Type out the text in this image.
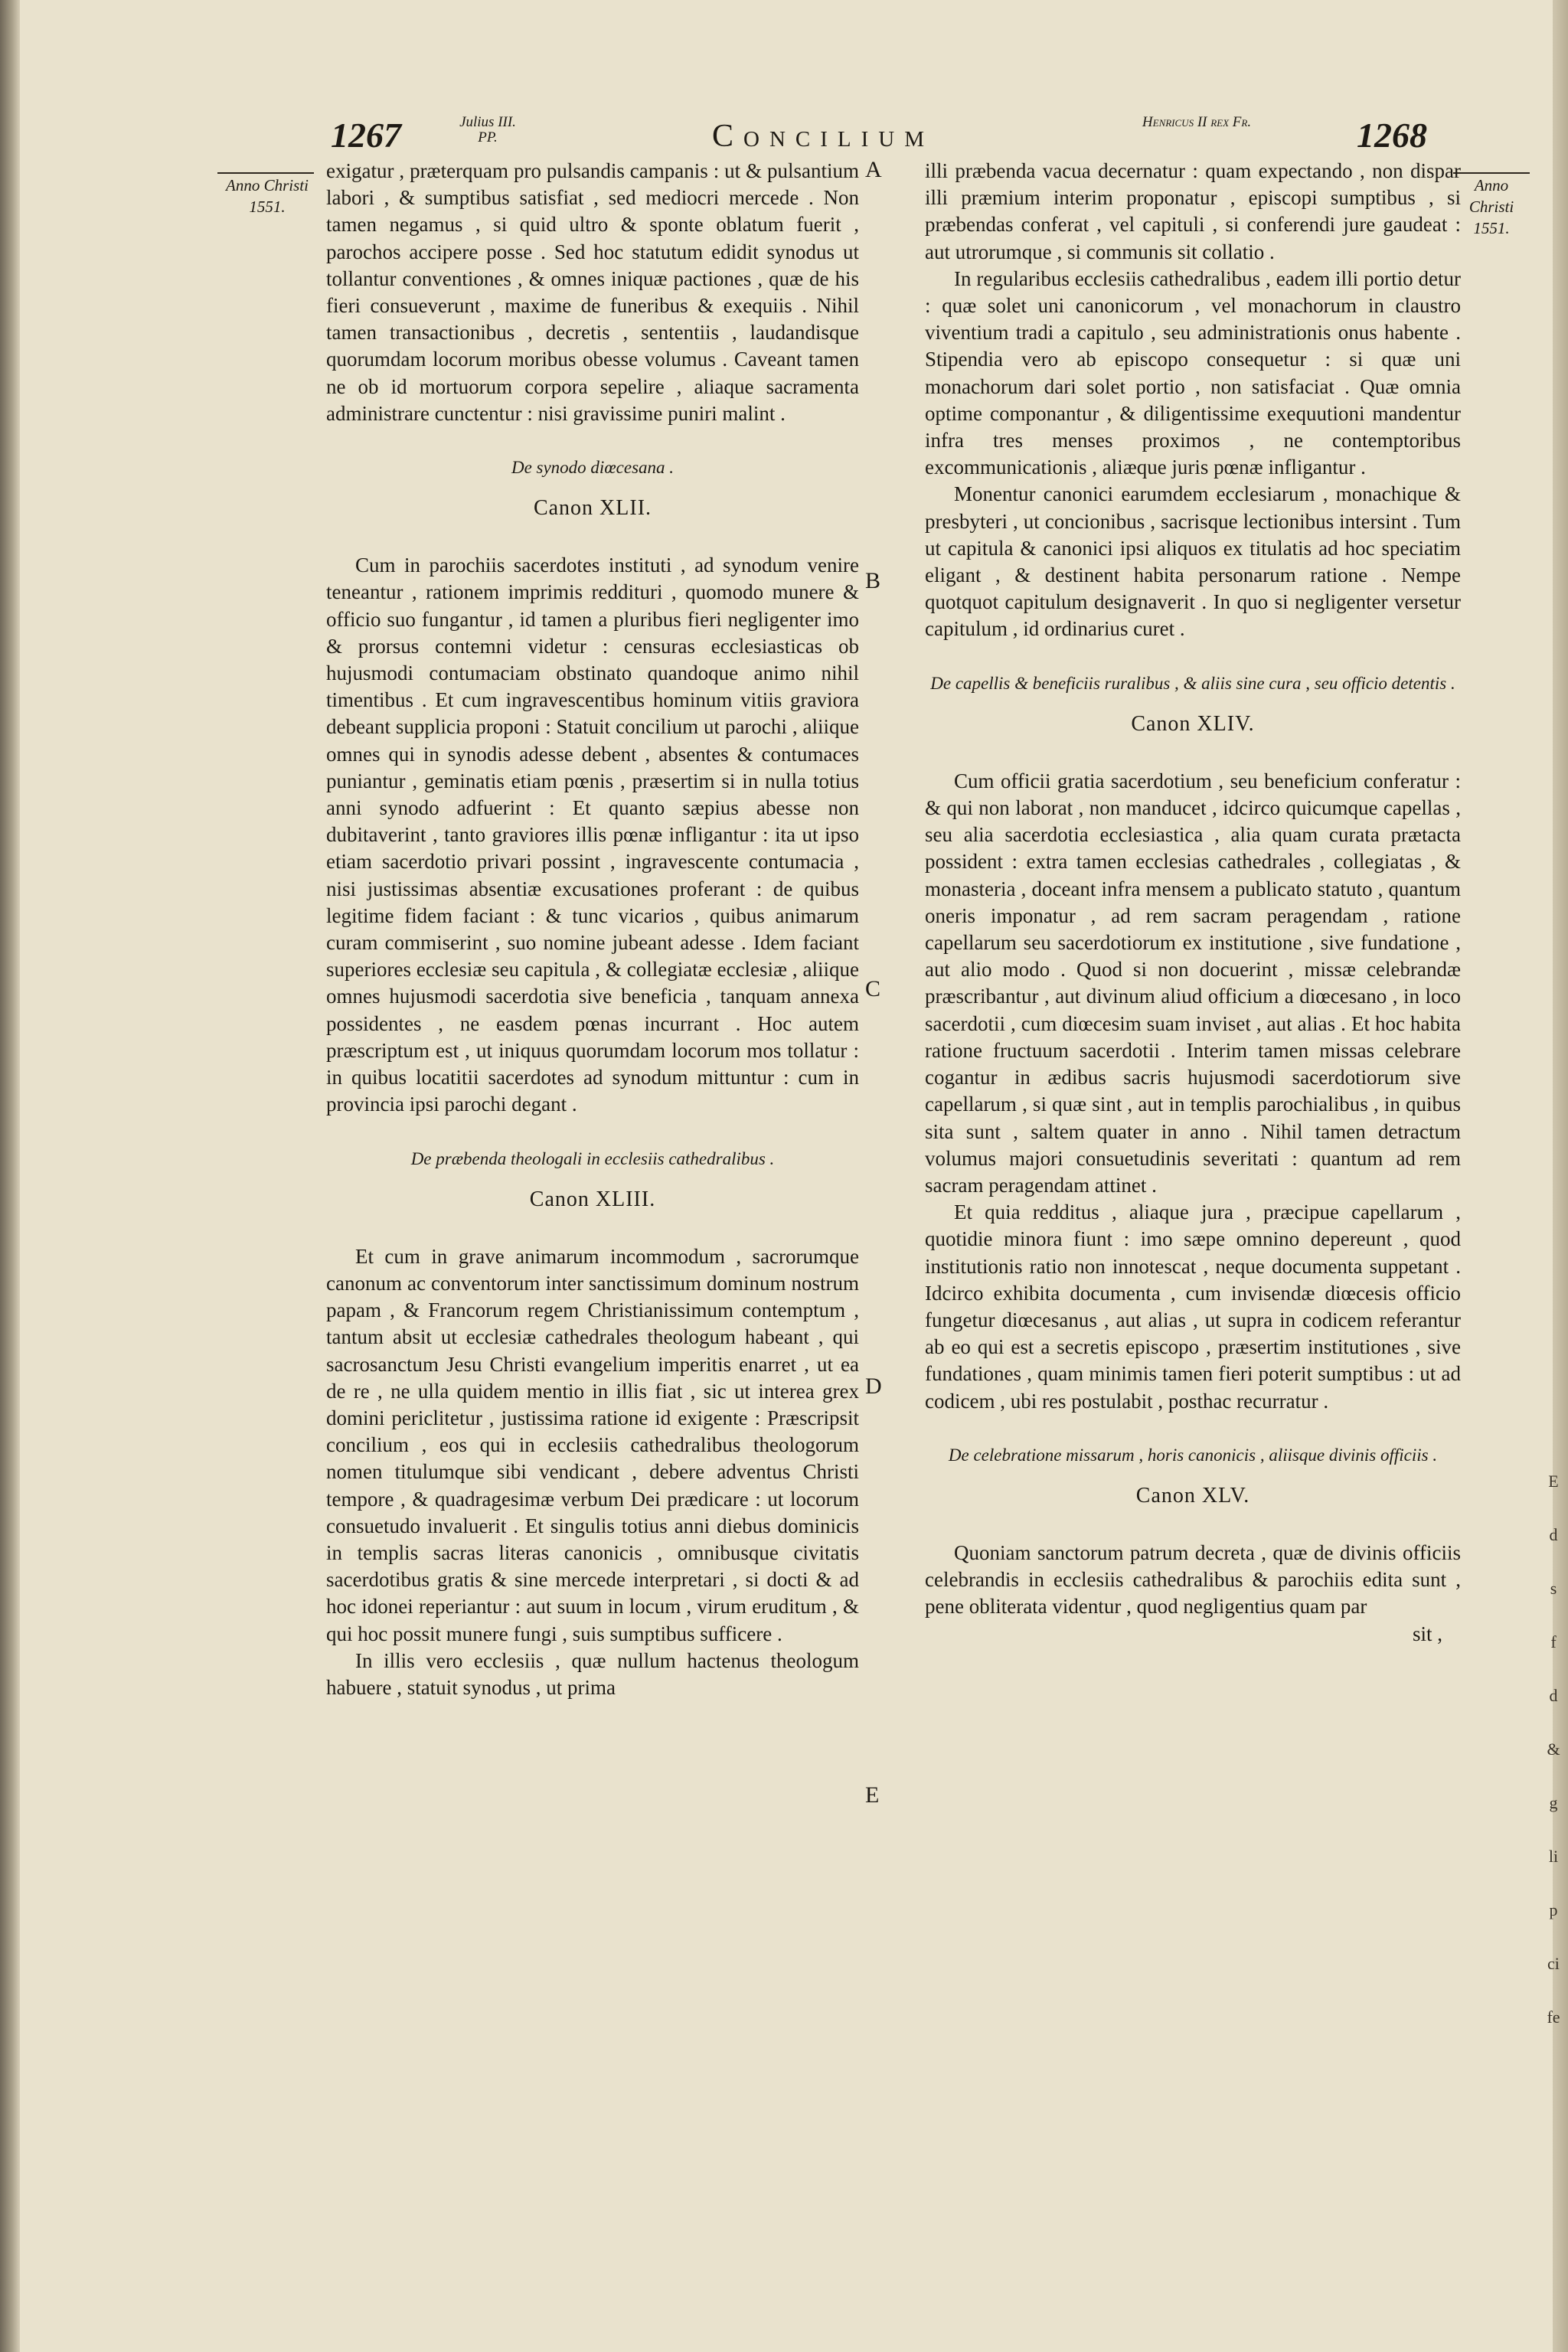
1267	Julius III. PP.	Concilium	Henricus II rex Fr.	1268
Anno Christi 1551.
Anno Christi 1551.
A
B
C
D
E

exigatur , præterquam pro pulsandis campanis : ut & pulsantium labori , & sumptibus satisfiat , sed mediocri mercede . Non tamen negamus , si quid ultro & sponte oblatum fuerit , parochos accipere posse . Sed hoc statutum edidit synodus ut tollantur conventiones , & omnes iniquæ pactiones , quæ de his fieri consueverunt , maxime de funeribus & exequiis . Nihil tamen transactionibus , decretis , sententiis , laudandisque quorumdam locorum moribus obesse volumus . Caveant tamen ne ob id mortuorum corpora sepelire , aliaque sacramenta administrare cunctentur : nisi gravissime puniri malint .

De synodo diœcesana .
Canon XLII.

Cum in parochiis sacerdotes instituti , ad synodum venire teneantur , rationem imprimis reddituri , quomodo munere & officio suo fungantur , id tamen a pluribus fieri negligenter imo & prorsus contemni videtur : censuras ecclesiasticas ob hujusmodi contumaciam obstinato quandoque animo nihil timentibus . Et cum ingravescentibus hominum vitiis graviora debeant supplicia proponi : Statuit concilium ut parochi , aliique omnes qui in synodis adesse debent , absentes & contumaces puniantur , geminatis etiam pœnis , præsertim si in nulla totius anni synodo adfuerint : Et quanto sæpius abesse non dubitaverint , tanto graviores illis pœnæ infligantur : ita ut ipso etiam sacerdotio privari possint , ingravescente contumacia , nisi justissimas absentiæ excusationes proferant : de quibus legitime fidem faciant : & tunc vicarios , quibus animarum curam commiserint , suo nomine jubeant adesse . Idem faciant superiores ecclesiæ seu capitula , & collegiatæ ecclesiæ , aliique omnes hujusmodi sacerdotia sive beneficia , tanquam annexa possidentes , ne easdem pœnas incurrant . Hoc autem præscriptum est , ut iniquus quorumdam locorum mos tollatur : in quibus locatitii sacerdotes ad synodum mittuntur : cum in provincia ipsi parochi degant .

De præbenda theologali in ecclesiis cathedralibus .
Canon XLIII.

Et cum in grave animarum incommodum , sacrorumque canonum ac conventorum inter sanctissimum dominum nostrum papam , & Francorum regem Christianissimum contemptum , tantum absit ut ecclesiæ cathedrales theologum habeant , qui sacrosanctum Jesu Christi evangelium imperitis enarret , ut ea de re , ne ulla quidem mentio in illis fiat , sic ut interea grex domini periclitetur , justissima ratione id exigente : Præscripsit concilium , eos qui in ecclesiis cathedralibus theologorum nomen titulumque sibi vendicant , debere adventus Christi tempore , & quadragesimæ verbum Dei prædicare : ut locorum consuetudo invaluerit . Et singulis totius anni diebus dominicis in templis sacras literas canonicis , omnibusque civitatis sacerdotibus gratis & sine mercede interpretari , si docti & ad hoc idonei reperiantur : aut suum in locum , virum eruditum , & qui hoc possit munere fungi , suis sumptibus sufficere .

In illis vero ecclesiis , quæ nullum hactenus theologum habuere , statuit synodus , ut prima

illi præbenda vacua decernatur : quam expectando , non dispar illi præmium interim proponatur , episcopi sumptibus , si præbendas conferat , vel capituli , si conferendi jure gaudeat : aut utrorumque , si communis sit collatio .

In regularibus ecclesiis cathedralibus , eadem illi portio detur : quæ solet uni canonicorum , vel monachorum in claustro viventium tradi a capitulo , seu administrationis onus habente . Stipendia vero ab episcopo consequetur : si quæ uni monachorum dari solet portio , non satisfaciat . Quæ omnia optime componantur , & diligentissime exequutioni mandentur infra tres menses proximos , ne contemptoribus excommunicationis , aliæque juris pœnæ infligantur .

Monentur canonici earumdem ecclesiarum , monachique & presbyteri , ut concionibus , sacrisque lectionibus intersint . Tum ut capitula & canonici ipsi aliquos ex titulatis ad hoc speciatim eligant , & destinent habita personarum ratione . Nempe quotquot capitulum designaverit . In quo si negligenter versetur capitulum , id ordinarius curet .

De capellis & beneficiis ruralibus , & aliis sine cura , seu officio detentis .
Canon XLIV.

Cum officii gratia sacerdotium , seu beneficium conferatur : & qui non laborat , non manducet , idcirco quicumque capellas , seu alia sacerdotia ecclesiastica , alia quam curata prætacta possident : extra tamen ecclesias cathedrales , collegiatas , & monasteria , doceant infra mensem a publicato statuto , quantum oneris imponatur , ad rem sacram peragendam , ratione capellarum seu sacerdotiorum ex institutione , sive fundatione , aut alio modo . Quod si non docuerint , missæ celebrandæ præscribantur , aut divinum aliud officium a diœcesano , in loco sacerdotii , cum diœcesim suam inviset , aut alias . Et hoc habita ratione fructuum sacerdotii . Interim tamen missas celebrare cogantur in ædibus sacris hujusmodi sacerdotiorum sive capellarum , si quæ sint , aut in templis parochialibus , in quibus sita sunt , saltem quater in anno . Nihil tamen detractum volumus majori consuetudinis severitati : quantum ad rem sacram peragendam attinet .

Et quia redditus , aliaque jura , præcipue capellarum , quotidie minora fiunt : imo sæpe omnino depereunt , quod institutionis ratio non innotescat , neque documenta suppetant . Idcirco exhibita documenta , cum invisendæ diœcesis officio fungetur diœcesanus , aut alias , ut supra in codicem referantur ab eo qui est a secretis episcopo , præsertim institutiones , sive fundationes , quam minimis tamen fieri poterit sumptibus : ut ad codicem , ubi res postulabit , posthac recurratur .

De celebratione missarum , horis canonicis , aliisque divinis officiis .
Canon XLV.

Quoniam sanctorum patrum decreta , quæ de divinis officiis celebrandis in ecclesiis cathedralibus & parochiis edita sunt , pene obliterata videntur , quod negligentius quam par

sit ,
E
d
s
f
d
&
g
li
p
ci
fe
